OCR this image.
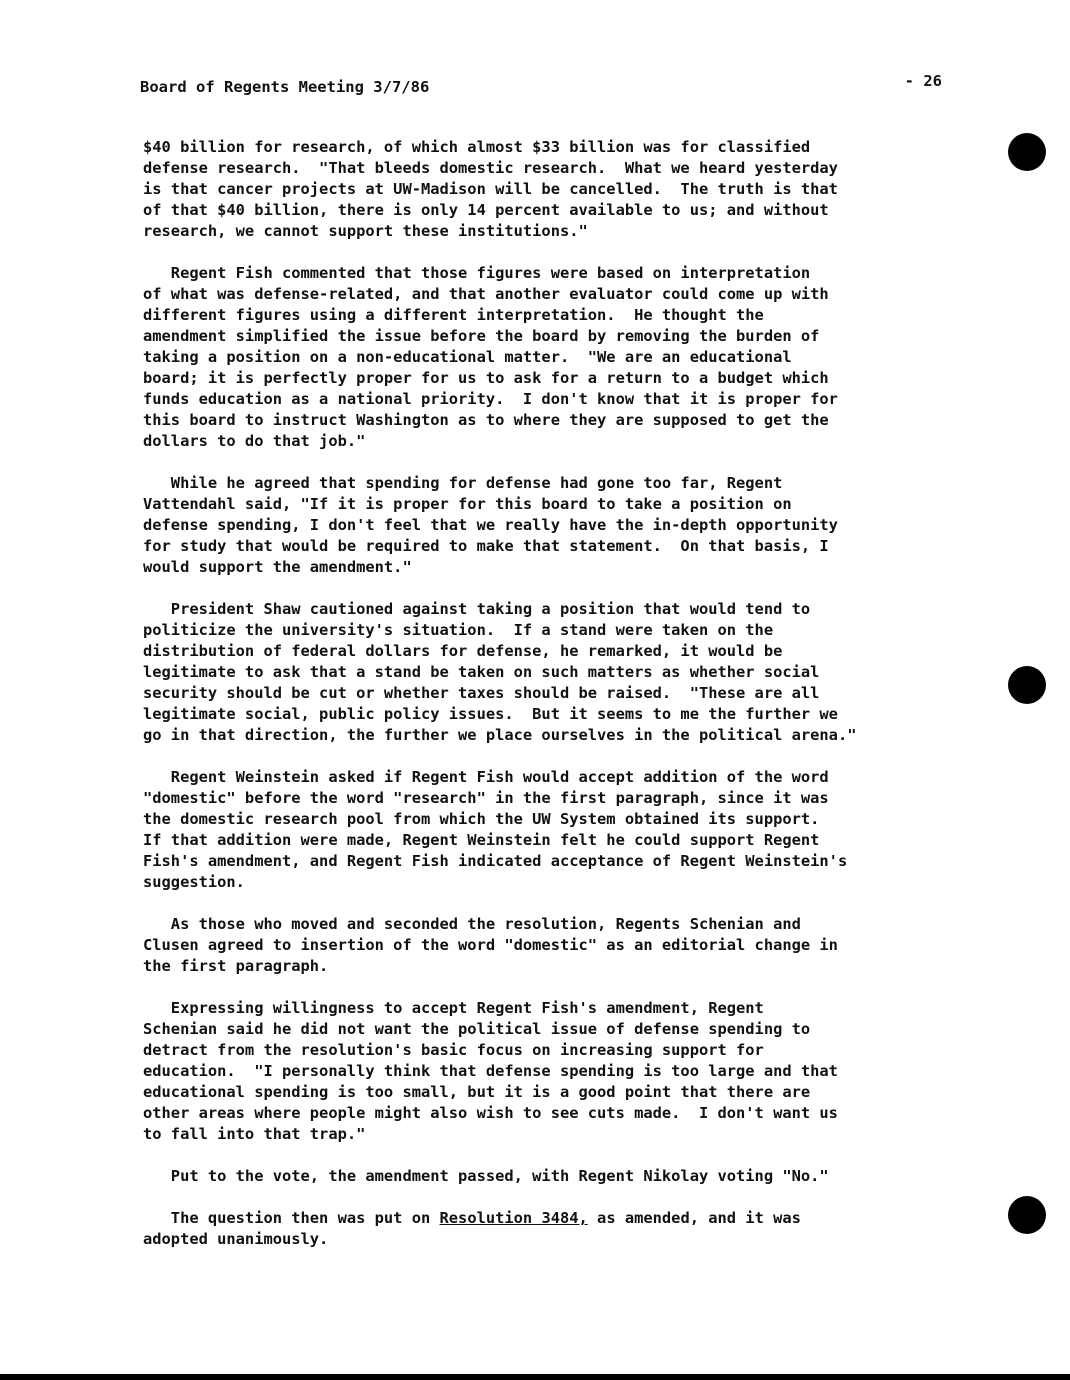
Board of Regents Meeting 3/7/86	- 26
$40 billion for research, of which almost $33 billion was for classified
defense research.  "That bleeds domestic research.  What we heard yesterday
is that cancer projects at UW-Madison will be cancelled.  The truth is that
of that $40 billion, there is only 14 percent available to us; and without
research, we cannot support these institutions."
Regent Fish commented that those figures were based on interpretation
of what was defense-related, and that another evaluator could come up with
different figures using a different interpretation.  He thought the
amendment simplified the issue before the board by removing the burden of
taking a position on a non-educational matter.  "We are an educational
board; it is perfectly proper for us to ask for a return to a budget which
funds education as a national priority.  I don't know that it is proper for
this board to instruct Washington as to where they are supposed to get the
dollars to do that job."
While he agreed that spending for defense had gone too far, Regent
Vattendahl said, "If it is proper for this board to take a position on
defense spending, I don't feel that we really have the in-depth opportunity
for study that would be required to make that statement.  On that basis, I
would support the amendment."
President Shaw cautioned against taking a position that would tend to
politicize the university's situation.  If a stand were taken on the
distribution of federal dollars for defense, he remarked, it would be
legitimate to ask that a stand be taken on such matters as whether social
security should be cut or whether taxes should be raised.  "These are all
legitimate social, public policy issues.  But it seems to me the further we
go in that direction, the further we place ourselves in the political arena."
Regent Weinstein asked if Regent Fish would accept addition of the word
"domestic" before the word "research" in the first paragraph, since it was
the domestic research pool from which the UW System obtained its support.
If that addition were made, Regent Weinstein felt he could support Regent
Fish's amendment, and Regent Fish indicated acceptance of Regent Weinstein's
suggestion.
As those who moved and seconded the resolution, Regents Schenian and
Clusen agreed to insertion of the word "domestic" as an editorial change in
the first paragraph.
Expressing willingness to accept Regent Fish's amendment, Regent
Schenian said he did not want the political issue of defense spending to
detract from the resolution's basic focus on increasing support for
education.  "I personally think that defense spending is too large and that
educational spending is too small, but it is a good point that there are
other areas where people might also wish to see cuts made.  I don't want us
to fall into that trap."
Put to the vote, the amendment passed, with Regent Nikolay voting "No."
The question then was put on Resolution 3484, as amended, and it was
adopted unanimously.
